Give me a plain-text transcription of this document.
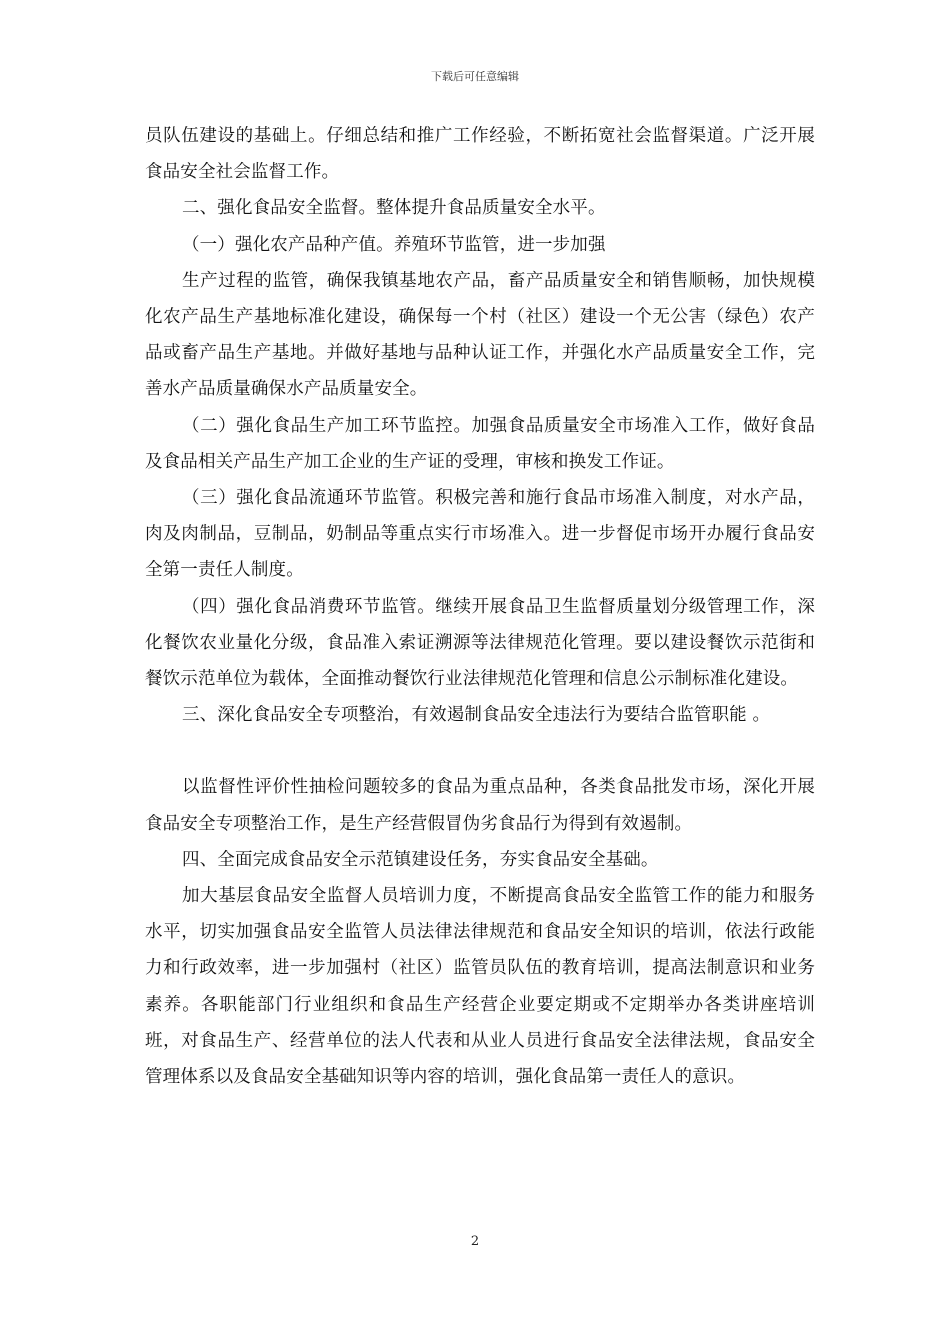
下载后可任意编辑

员队伍建设的基础上。仔细总结和推广工作经验，不断拓宽社会监督渠道。广泛开展食品安全社会监督工作。

二、强化食品安全监督。整体提升食品质量安全水平。

（一）强化农产品种产值。养殖环节监管，进一步加强

生产过程的监管，确保我镇基地农产品，畜产品质量安全和销售顺畅，加快规模化农产品生产基地标准化建设，确保每一个村（社区）建设一个无公害（绿色）农产品或畜产品生产基地。并做好基地与品种认证工作，并强化水产品质量安全工作，完善水产品质量确保水产品质量安全。

（二）强化食品生产加工环节监控。加强食品质量安全市场准入工作，做好食品及食品相关产品生产加工企业的生产证的受理，审核和换发工作证。

（三）强化食品流通环节监管。积极完善和施行食品市场准入制度，对水产品，肉及肉制品，豆制品，奶制品等重点实行市场准入。进一步督促市场开办履行食品安全第一责任人制度。

（四）强化食品消费环节监管。继续开展食品卫生监督质量划分级管理工作，深化餐饮农业量化分级，食品准入索证溯源等法律规范化管理。要以建设餐饮示范街和餐饮示范单位为载体，全面推动餐饮行业法律规范化管理和信息公示制标准化建设。

三、深化食品安全专项整治，有效遏制食品安全违法行为要结合监管职能 。

以监督性评价性抽检问题较多的食品为重点品种，各类食品批发市场，深化开展食品安全专项整治工作，是生产经营假冒伪劣食品行为得到有效遏制。

四、全面完成食品安全示范镇建设任务，夯实食品安全基础。

加大基层食品安全监督人员培训力度，不断提高食品安全监管工作的能力和服务水平，切实加强食品安全监管人员法律法律规范和食品安全知识的培训，依法行政能力和行政效率，进一步加强村（社区）监管员队伍的教育培训，提高法制意识和业务素养。各职能部门行业组织和食品生产经营企业要定期或不定期举办各类讲座培训班，对食品生产、经营单位的法人代表和从业人员进行食品安全法律法规，食品安全管理体系以及食品安全基础知识等内容的培训，强化食品第一责任人的意识。

2
